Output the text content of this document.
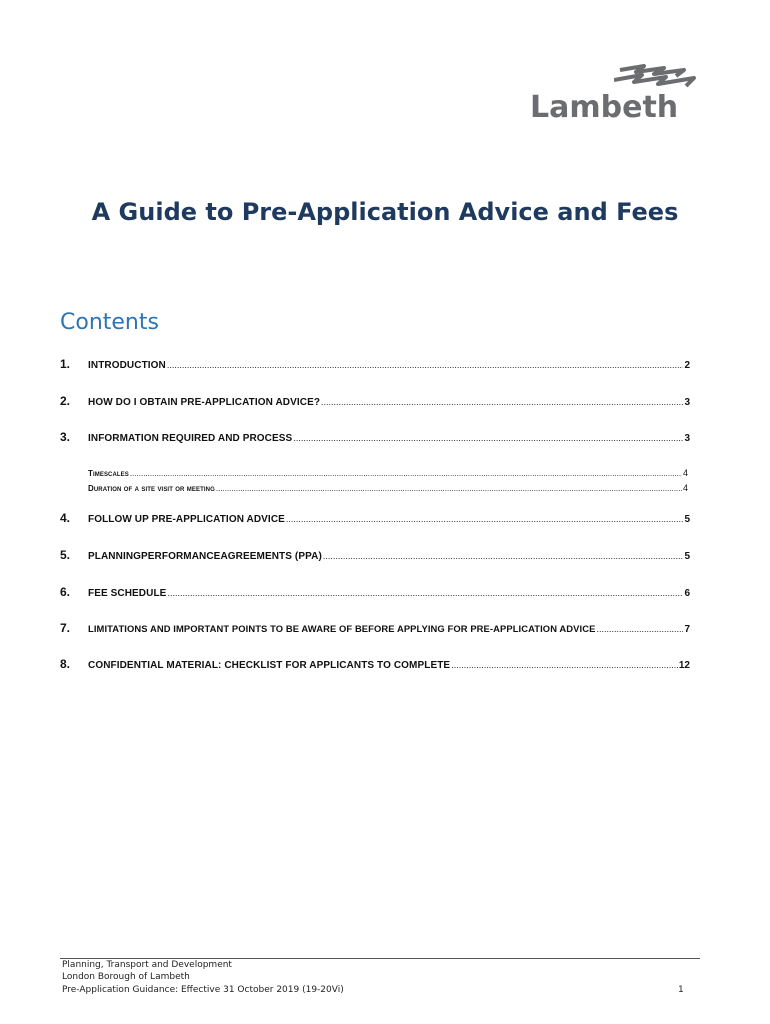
Lambeth
A Guide to Pre-Application Advice and Fees
Contents
1.	INTRODUCTION .....	2
2.	HOW DO I OBTAIN PRE-APPLICATION ADVICE? .....	3
3.	INFORMATION REQUIRED AND PROCESS .....	3
Timescales .....	4
Duration of a site visit or meeting .....	4
4.	FOLLOW UP PRE-APPLICATION ADVICE .....	5
5.	PLANNINGPERFORMANCEAGREEMENTS (PPA) .....	5
6.	FEE SCHEDULE .....	6
7.	LIMITATIONS AND IMPORTANT POINTS TO BE AWARE OF BEFORE APPLYING FOR PRE-APPLICATION ADVICE .....	7
8.	CONFIDENTIAL MATERIAL: CHECKLIST FOR APPLICANTS TO COMPLETE .....	12
Planning, Transport and Development
London Borough of Lambeth
Pre-Application Guidance: Effective 31 October 2019 (19-20Vi)	1
